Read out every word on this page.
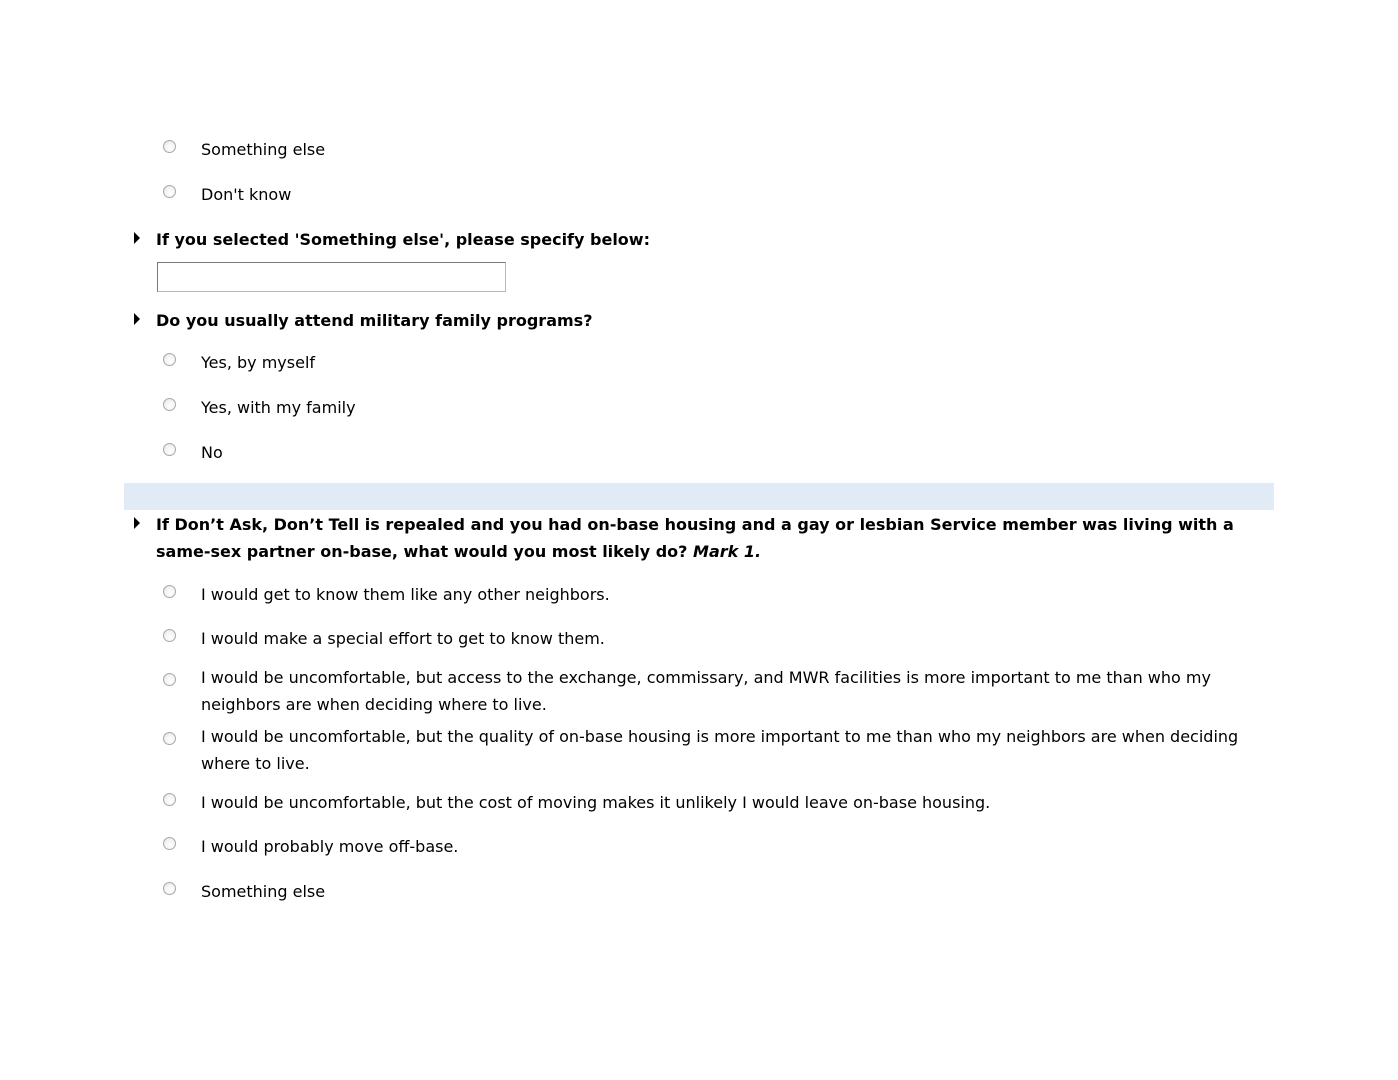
Something else
Don't know
If you selected 'Something else', please specify below:
Do you usually attend military family programs?
Yes, by myself
Yes, with my family
No
If Don’t Ask, Don’t Tell is repealed and you had on-base housing and a gay or lesbian Service member was living with a same-sex partner on-base, what would you most likely do? Mark 1.
I would get to know them like any other neighbors.
I would make a special effort to get to know them.
I would be uncomfortable, but access to the exchange, commissary, and MWR facilities is more important to me than who my neighbors are when deciding where to live.
I would be uncomfortable, but the quality of on-base housing is more important to me than who my neighbors are when deciding where to live.
I would be uncomfortable, but the cost of moving makes it unlikely I would leave on-base housing.
I would probably move off-base.
Something else
